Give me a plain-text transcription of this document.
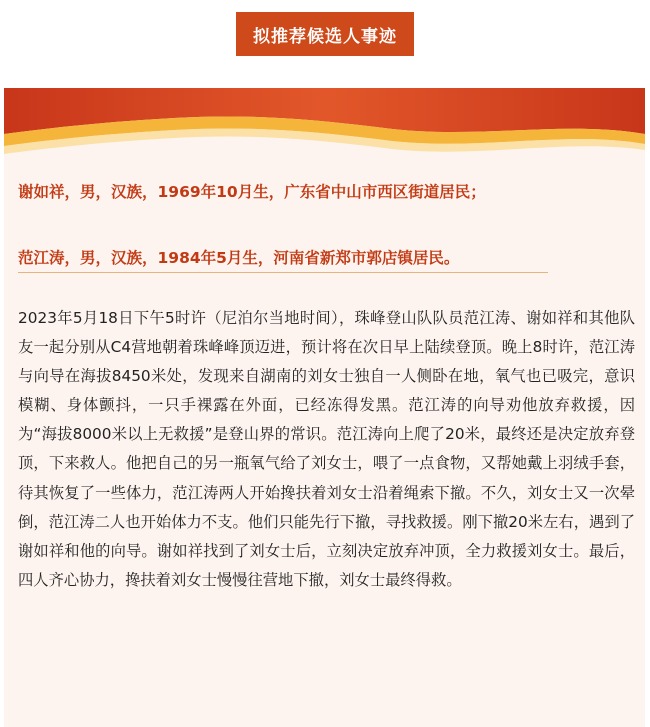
拟推荐候选人事迹
谢如祥，男，汉族，1969年10月生，广东省中山市西区街道居民；
范江涛，男，汉族，1984年5月生，河南省新郑市郭店镇居民。

2023年5月18日下午5时许（尼泊尔当地时间），珠峰登山队队员范江涛、谢如祥和其他队友一起分别从C4营地朝着珠峰峰顶迈进，预计将在次日早上陆续登顶。晚上8时许，范江涛与向导在海拔8450米处，发现来自湖南的刘女士独自一人侧卧在地，氧气也已吸完，意识模糊、身体颤抖，一只手裸露在外面，已经冻得发黑。范江涛的向导劝他放弃救援，因为“海拔8000米以上无救援”是登山界的常识。范江涛向上爬了20米，最终还是决定放弃登顶，下来救人。他把自己的另一瓶氧气给了刘女士，喂了一点食物，又帮她戴上羽绒手套，待其恢复了一些体力，范江涛两人开始搀扶着刘女士沿着绳索下撤。不久，刘女士又一次晕倒，范江涛二人也开始体力不支。他们只能先行下撤，寻找救援。刚下撤20米左右，遇到了谢如祥和他的向导。谢如祥找到了刘女士后，立刻决定放弃冲顶，全力救援刘女士。最后，四人齐心协力，搀扶着刘女士慢慢往营地下撤，刘女士最终得救。
